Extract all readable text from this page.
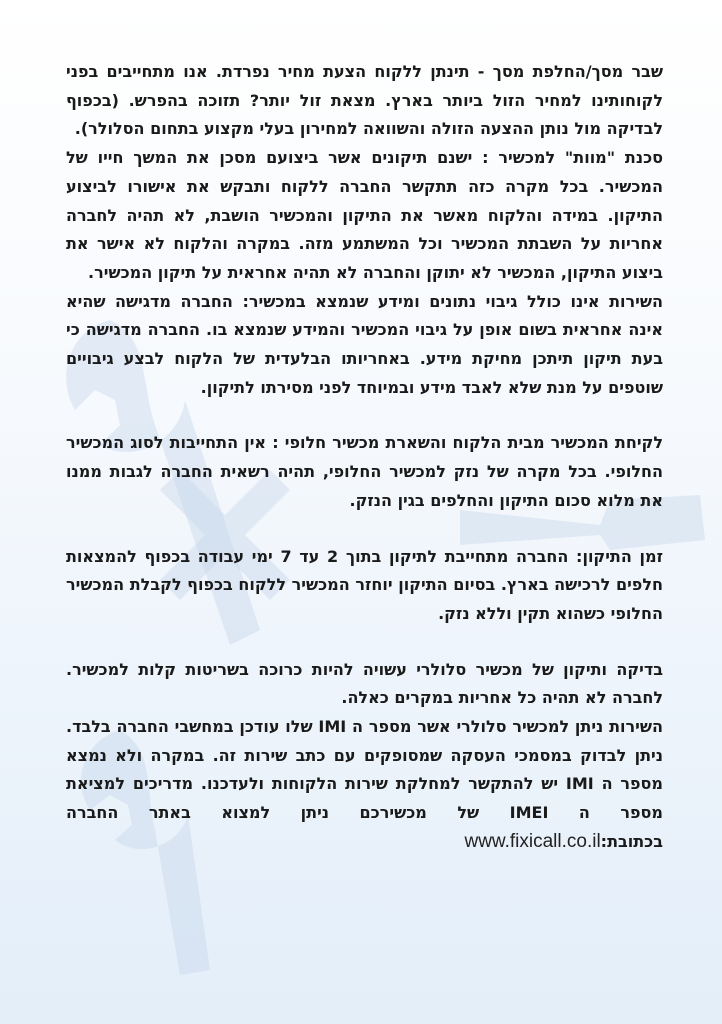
שבר מסך/החלפת מסך - תינתן ללקוח הצעת מחיר נפרדת. אנו מתחייבים בפני לקוחותינו למחיר הזול ביותר בארץ. מצאת זול יותר? תזוכה בהפרש. (בכפוף לבדיקה מול נותן ההצעה הזולה והשוואה למחירון בעלי מקצוע בתחום הסלולר).

סכנת "מוות" למכשיר : ישנם תיקונים אשר ביצועם מסכן את המשך חייו של המכשיר. בכל מקרה כזה תתקשר החברה ללקוח ותבקש את אישורו לביצוע התיקון. במידה והלקוח מאשר את התיקון והמכשיר הושבת, לא תהיה לחברה אחריות על השבתת המכשיר וכל המשתמע מזה. במקרה והלקוח לא אישר את ביצוע התיקון, המכשיר לא יתוקן והחברה לא תהיה אחראית על תיקון המכשיר.

השירות אינו כולל גיבוי נתונים ומידע שנמצא במכשיר: החברה מדגישה שהיא אינה אחראית בשום אופן על גיבוי המכשיר והמידע שנמצא בו. החברה מדגישה כי בעת תיקון תיתכן מחיקת מידע. באחריותו הבלעדית של הלקוח לבצע גיבויים שוטפים על מנת שלא לאבד מידע ובמיוחד לפני מסירתו לתיקון.

לקיחת המכשיר מבית הלקוח והשארת מכשיר חלופי : אין התחייבות לסוג המכשיר החלופי. בכל מקרה של נזק למכשיר החלופי, תהיה רשאית החברה לגבות ממנו את מלוא סכום התיקון והחלפים בגין הנזק.

זמן התיקון: החברה מתחייבת לתיקון בתוך 2 עד 7 ימי עבודה בכפוף להמצאות חלפים לרכישה בארץ. בסיום התיקון יוחזר המכשיר ללקוח בכפוף לקבלת המכשיר החלופי כשהוא תקין וללא נזק.

בדיקה ותיקון של מכשיר סלולרי עשויה להיות כרוכה בשריטות קלות למכשיר. לחברה לא תהיה כל אחריות במקרים כאלה.

השירות ניתן למכשיר סלולרי אשר מספר ה IMI שלו עודכן במחשבי החברה בלבד. ניתן לבדוק במסמכי העסקה שמסופקים עם כתב שירות זה. במקרה ולא נמצא מספר ה IMI יש להתקשר למחלקת שירות הלקוחות ולעדכנו. מדריכים למציאת מספר ה IMEI של מכשירכם ניתן למצוא באתר החברה בכתובת:www.fixicall.co.il
